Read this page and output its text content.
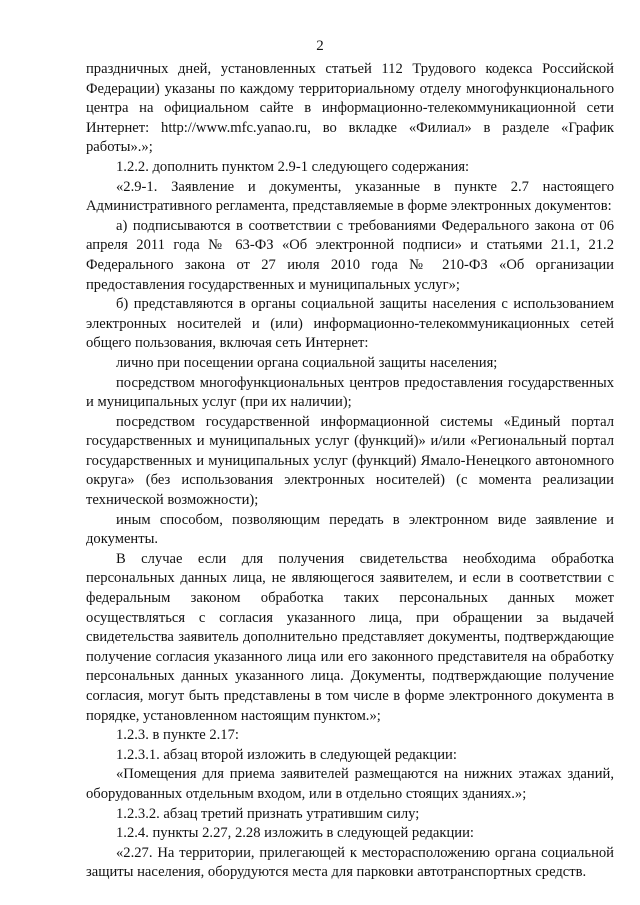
2

праздничных дней, установленных статьей 112 Трудового кодекса Российской Федерации) указаны по каждому территориальному отделу многофункционального центра на официальном сайте в информационно-телекоммуникационной сети Интернет: http://www.mfc.yanao.ru, во вкладке «Филиал» в разделе «График работы».»;

1.2.2. дополнить пунктом 2.9-1 следующего содержания:

«2.9-1. Заявление и документы, указанные в пункте 2.7 настоящего Административного регламента, представляемые в форме электронных документов:

а) подписываются в соответствии с требованиями Федерального закона от 06 апреля 2011 года № 63-ФЗ «Об электронной подписи» и статьями 21.1, 21.2 Федерального закона от 27 июля 2010 года № 210-ФЗ «Об организации предоставления государственных и муниципальных услуг»;

б) представляются в органы социальной защиты населения с использованием электронных носителей и (или) информационно-телекоммуникационных сетей общего пользования, включая сеть Интернет:

лично при посещении органа социальной защиты населения;

посредством многофункциональных центров предоставления государственных и муниципальных услуг (при их наличии);

посредством государственной информационной системы «Единый портал государственных и муниципальных услуг (функций)» и/или «Региональный портал государственных и муниципальных услуг (функций) Ямало-Ненецкого автономного округа» (без использования электронных носителей) (с момента реализации технической возможности);

иным способом, позволяющим передать в электронном виде заявление и документы.

В случае если для получения свидетельства необходима обработка персональных данных лица, не являющегося заявителем, и если в соответствии с федеральным законом обработка таких персональных данных может осуществляться с согласия указанного лица, при обращении за выдачей свидетельства заявитель дополнительно представляет документы, подтверждающие получение согласия указанного лица или его законного представителя на обработку персональных данных указанного лица. Документы, подтверждающие получение согласия, могут быть представлены в том числе в форме электронного документа в порядке, установленном настоящим пунктом.»;

1.2.3. в пункте 2.17:

1.2.3.1. абзац второй изложить в следующей редакции:

«Помещения для приема заявителей размещаются на нижних этажах зданий, оборудованных отдельным входом, или в отдельно стоящих зданиях.»;

1.2.3.2. абзац третий признать утратившим силу;

1.2.4. пункты 2.27, 2.28 изложить в следующей редакции:

«2.27. На территории, прилегающей к месторасположению органа социальной защиты населения, оборудуются места для парковки автотранспортных средств.
